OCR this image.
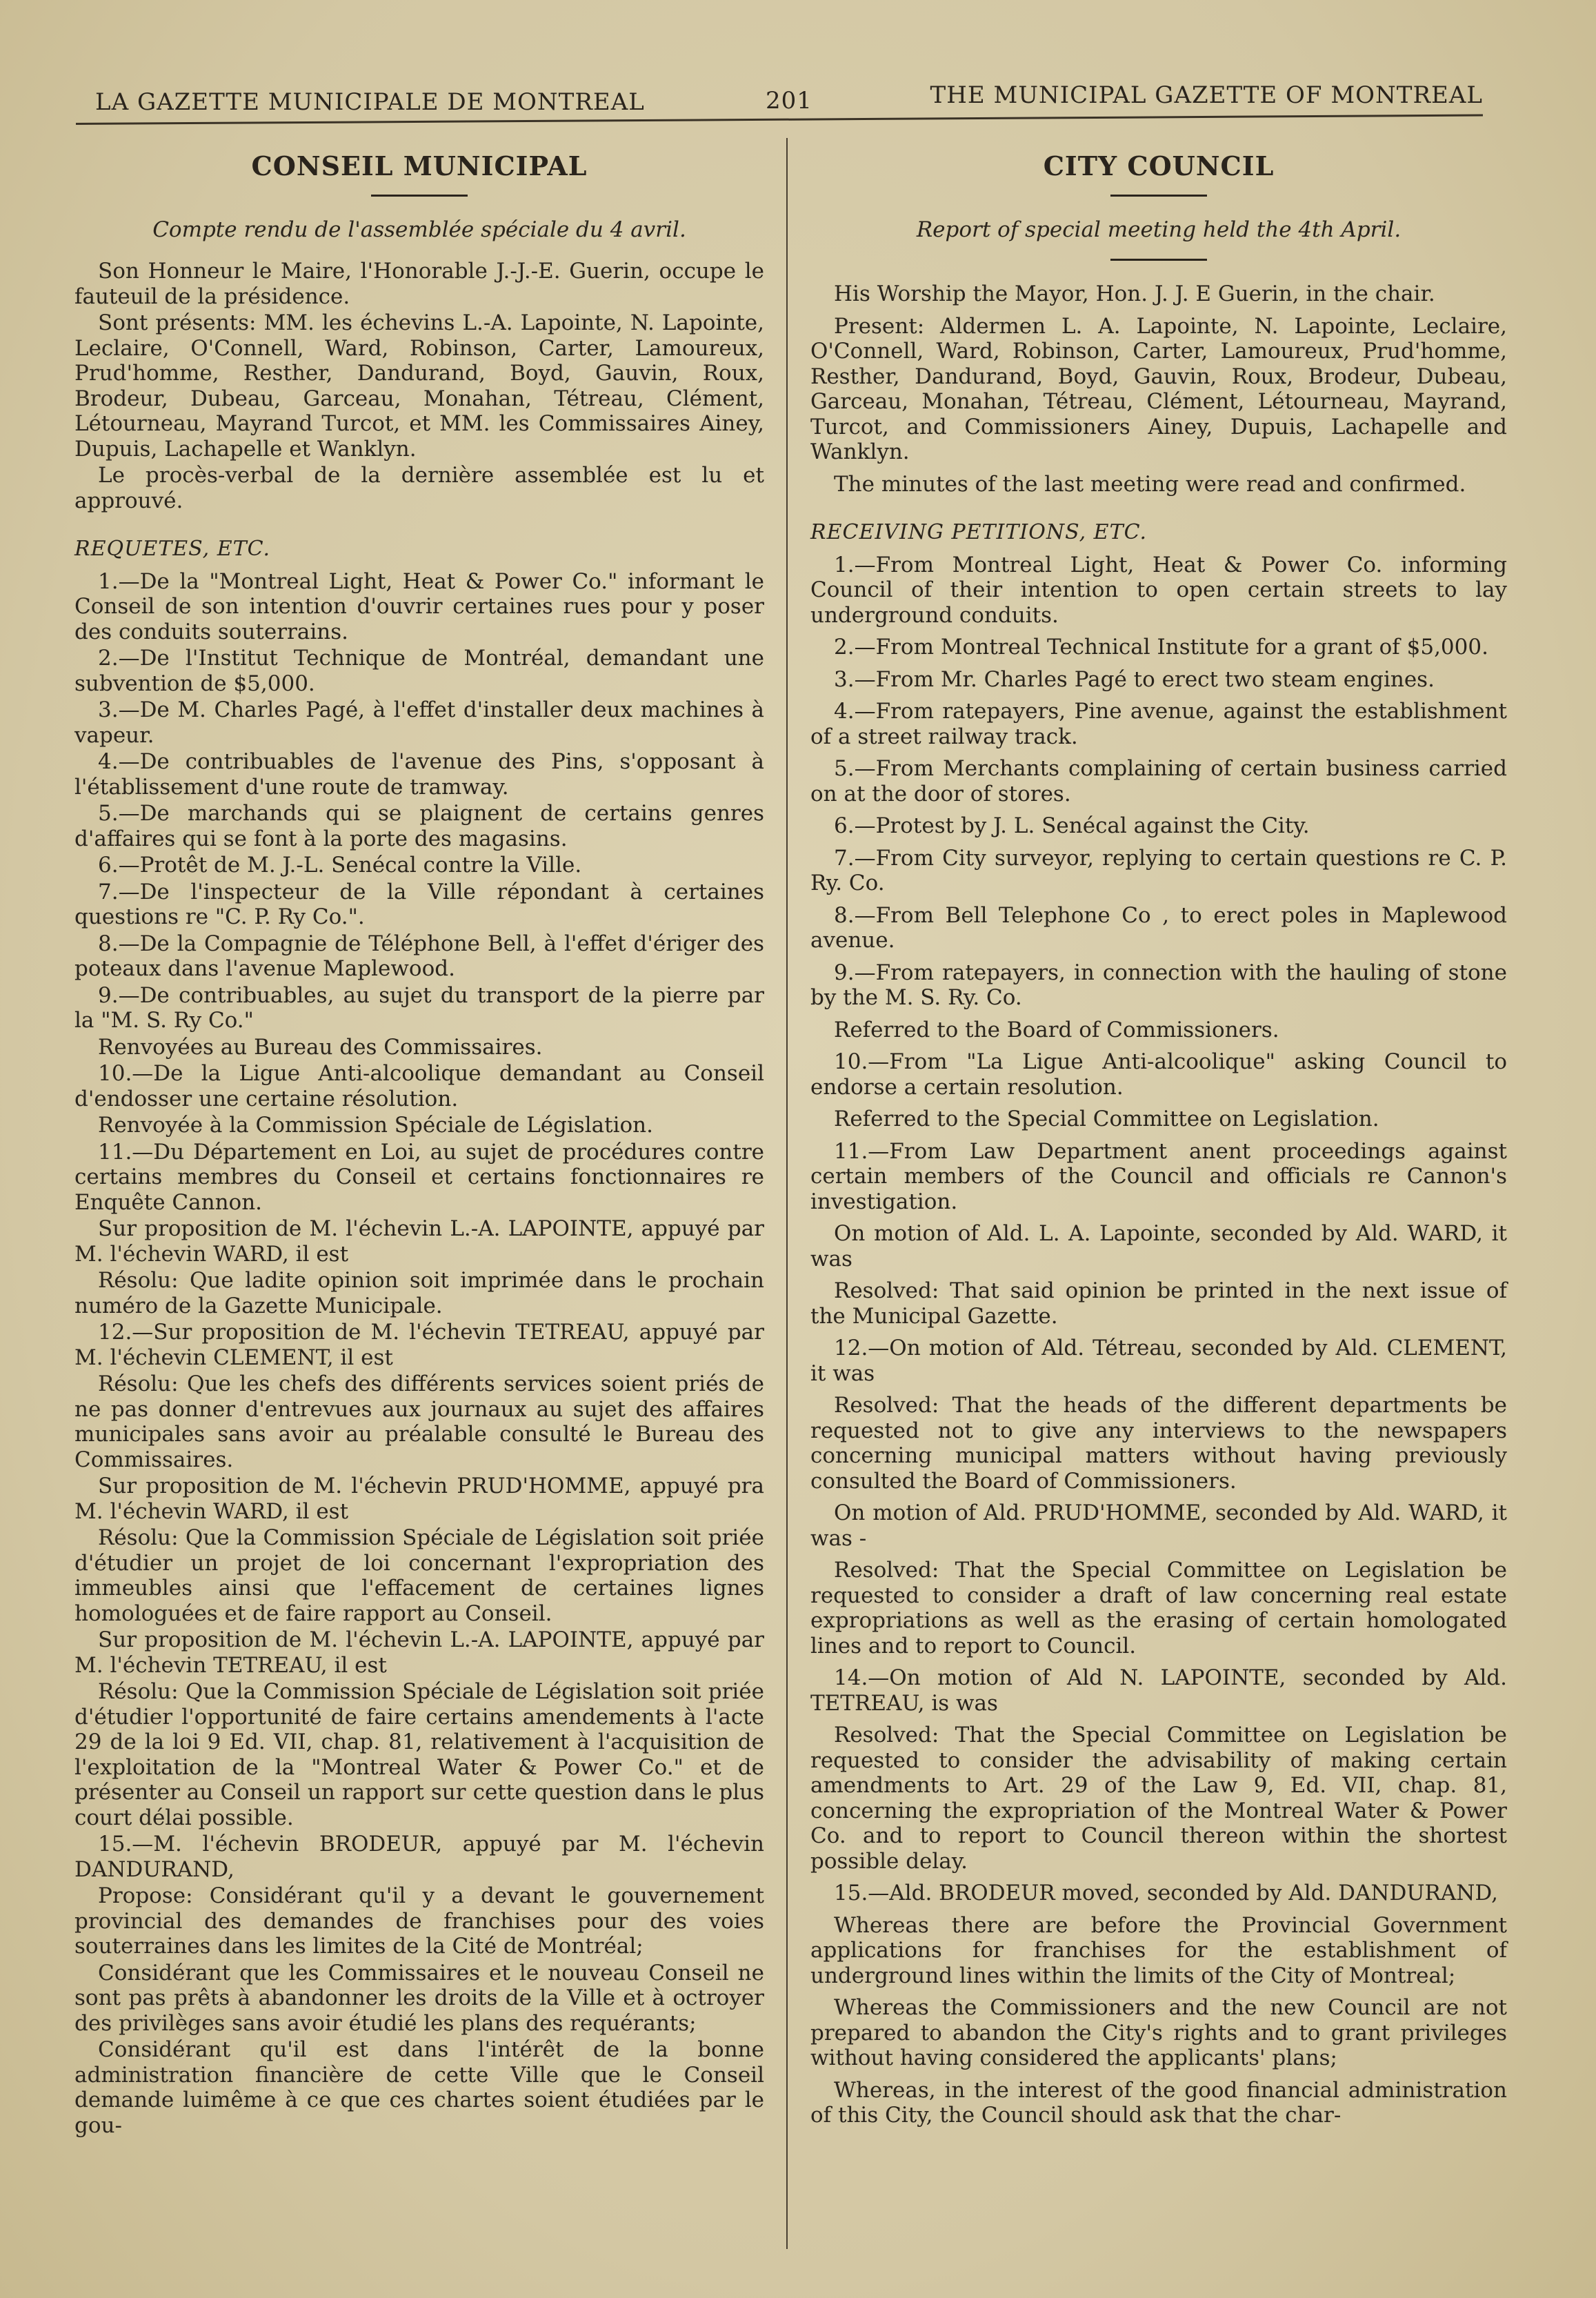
LA GAZETTE MUNICIPALE DE MONTREAL	201	THE MUNICIPAL GAZETTE OF MONTREAL
CONSEIL MUNICIPAL
Compte rendu de l'assemblée spéciale du 4 avril.

Son Honneur le Maire, l'Honorable J.-J.-E. Guerin, occupe le fauteuil de la présidence.

Sont présents: MM. les échevins L.-A. Lapointe, N. Lapointe, Leclaire, O'Connell, Ward, Robinson, Carter, Lamoureux, Prud'homme, Resther, Dandurand, Boyd, Gauvin, Roux, Brodeur, Dubeau, Garceau, Monahan, Tétreau, Clément, Létourneau, Mayrand Turcot, et MM. les Commissaires Ainey, Dupuis, Lachapelle et Wanklyn.

Le procès-verbal de la dernière assemblée est lu et approuvé.

REQUETES, ETC.

1.—De la "Montreal Light, Heat & Power Co." informant le Conseil de son intention d'ouvrir certaines rues pour y poser des conduits souterrains.

2.—De l'Institut Technique de Montréal, demandant une subvention de $5,000.

3.—De M. Charles Pagé, à l'effet d'installer deux machines à vapeur.

4.—De contribuables de l'avenue des Pins, s'opposant à l'établissement d'une route de tramway.

5.—De marchands qui se plaignent de certains genres d'affaires qui se font à la porte des magasins.

6.—Protêt de M. J.-L. Senécal contre la Ville.

7.—De l'inspecteur de la Ville répondant à certaines questions re "C. P. Ry Co.".

8.—De la Compagnie de Téléphone Bell, à l'effet d'ériger des poteaux dans l'avenue Maplewood.

9.—De contribuables, au sujet du transport de la pierre par la "M. S. Ry Co."

Renvoyées au Bureau des Commissaires.

10.—De la Ligue Anti-alcoolique demandant au Conseil d'endosser une certaine résolution.

Renvoyée à la Commission Spéciale de Législation.

11.—Du Département en Loi, au sujet de procédures contre certains membres du Conseil et certains fonctionnaires re Enquête Cannon.

Sur proposition de M. l'échevin L.-A. LAPOINTE, appuyé par M. l'échevin WARD, il est

Résolu: Que ladite opinion soit imprimée dans le prochain numéro de la Gazette Municipale.

12.—Sur proposition de M. l'échevin TETREAU, appuyé par M. l'échevin CLEMENT, il est

Résolu: Que les chefs des différents services soient priés de ne pas donner d'entrevues aux journaux au sujet des affaires municipales sans avoir au préalable consulté le Bureau des Commissaires.

Sur proposition de M. l'échevin PRUD'HOMME, appuyé pra M. l'échevin WARD, il est

Résolu: Que la Commission Spéciale de Législation soit priée d'étudier un projet de loi concernant l'expropriation des immeubles ainsi que l'effacement de certaines lignes homologuées et de faire rapport au Conseil.

Sur proposition de M. l'échevin L.-A. LAPOINTE, appuyé par M. l'échevin TETREAU, il est

Résolu: Que la Commission Spéciale de Législation soit priée d'étudier l'opportunité de faire certains amendements à l'acte 29 de la loi 9 Ed. VII, chap. 81, relativement à l'acquisition de l'exploitation de la "Montreal Water & Power Co." et de présenter au Conseil un rapport sur cette question dans le plus court délai possible.

15.—M. l'échevin BRODEUR, appuyé par M. l'échevin DANDURAND,

Propose: Considérant qu'il y a devant le gouvernement provincial des demandes de franchises pour des voies souterraines dans les limites de la Cité de Montréal;

Considérant que les Commissaires et le nouveau Conseil ne sont pas prêts à abandonner les droits de la Ville et à octroyer des privilèges sans avoir étudié les plans des requérants;

Considérant qu'il est dans l'intérêt de la bonne administration financière de cette Ville que le Conseil demande luimême à ce que ces chartes soient étudiées par le gou-

CITY COUNCIL
Report of special meeting held the 4th April.

His Worship the Mayor, Hon. J. J. E Guerin, in the chair.

Present: Aldermen L. A. Lapointe, N. Lapointe, Leclaire, O'Connell, Ward, Robinson, Carter, Lamoureux, Prud'homme, Resther, Dandurand, Boyd, Gauvin, Roux, Brodeur, Dubeau, Garceau, Monahan, Tétreau, Clément, Létourneau, Mayrand, Turcot, and Commissioners Ainey, Dupuis, Lachapelle and Wanklyn.

The minutes of the last meeting were read and confirmed.

RECEIVING PETITIONS, ETC.

1.—From Montreal Light, Heat & Power Co. informing Council of their intention to open certain streets to lay underground conduits.

2.—From Montreal Technical Institute for a grant of $5,000.

3.—From Mr. Charles Pagé to erect two steam engines.

4.—From ratepayers, Pine avenue, against the establishment of a street railway track.

5.—From Merchants complaining of certain business carried on at the door of stores.

6.—Protest by J. L. Senécal against the City.

7.—From City surveyor, replying to certain questions re C. P. Ry. Co.

8.—From Bell Telephone Co , to erect poles in Maplewood avenue.

9.—From ratepayers, in connection with the hauling of stone by the M. S. Ry. Co.

Referred to the Board of Commissioners.

10.—From "La Ligue Anti-alcoolique" asking Council to endorse a certain resolution.

Referred to the Special Committee on Legislation.

11.—From Law Department anent proceedings against certain members of the Council and officials re Cannon's investigation.

On motion of Ald. L. A. Lapointe, seconded by Ald. WARD, it was

Resolved: That said opinion be printed in the next issue of the Municipal Gazette.

12.—On motion of Ald. Tétreau, seconded by Ald. CLEMENT, it was

Resolved: That the heads of the different departments be requested not to give any interviews to the newspapers concerning municipal matters without having previously consulted the Board of Commissioners.

On motion of Ald. PRUD'HOMME, seconded by Ald. WARD, it was -

Resolved: That the Special Committee on Legislation be requested to consider a draft of law concerning real estate expropriations as well as the erasing of certain homologated lines and to report to Council.

14.—On motion of Ald N. LAPOINTE, seconded by Ald. TETREAU, is was

Resolved: That the Special Committee on Legislation be requested to consider the advisability of making certain amendments to Art. 29 of the Law 9, Ed. VII, chap. 81, concerning the expropriation of the Montreal Water & Power Co. and to report to Council thereon within the shortest possible delay.

15.—Ald. BRODEUR moved, seconded by Ald. DANDURAND,

Whereas there are before the Provincial Government applications for franchises for the establishment of underground lines within the limits of the City of Montreal;

Whereas the Commissioners and the new Council are not prepared to abandon the City's rights and to grant privileges without having considered the applicants' plans;

Whereas, in the interest of the good financial administration of this City, the Council should ask that the char-
